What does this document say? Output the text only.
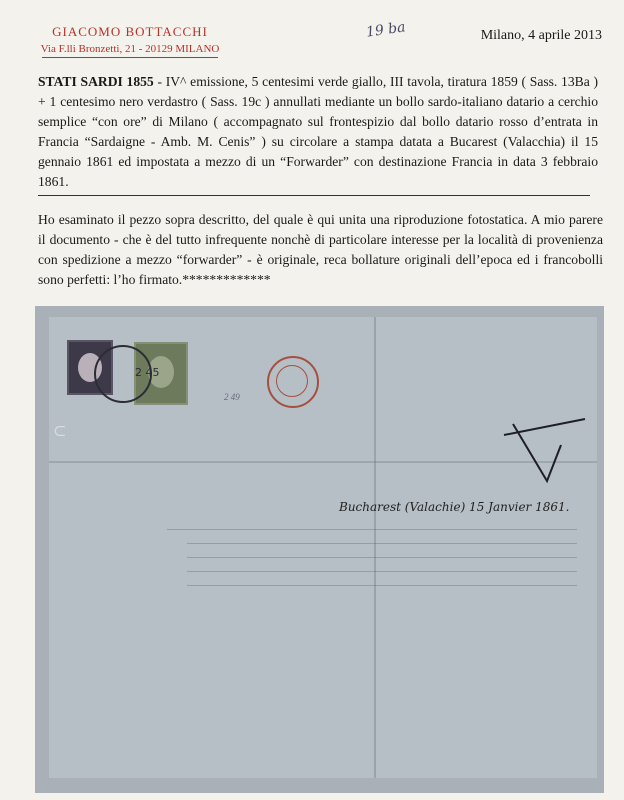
GIACOMO BOTTACCHI
Via F.lli Bronzetti, 21 - 20129 MILANO
19 ba	Milano, 4 aprile 2013
STATI SARDI 1855 - IV^ emissione, 5 centesimi verde giallo, III tavola, tiratura 1859 ( Sass. 13Ba ) + 1 centesimo nero verdastro ( Sass. 19c ) annullati mediante un bollo sardo-italiano datario a cerchio semplice “con ore” di Milano ( accompagnato sul frontespizio dal bollo datario rosso d’entrata in Francia “Sardaigne - Amb. M. Cenis” ) su circolare a stampa datata a Bucarest (Valacchia) il 15 gennaio 1861 ed impostata a mezzo di un “Forwarder” con destinazione Francia in data 3 febbraio 1861.
Ho esaminato il pezzo sopra descritto, del quale è qui unita una riproduzione fotostatica. A mio parere il documento - che è del tutto infrequente nonchè di particolare interesse per la località di provenienza con spedizione a mezzo “forwarder” - è originale, reca bollature originali dell’epoca ed i francobolli sono perfetti: l’ho firmato.*************
2 45
2 49
⊂
Bucharest (Valachie) 15 Janvier 1861.
